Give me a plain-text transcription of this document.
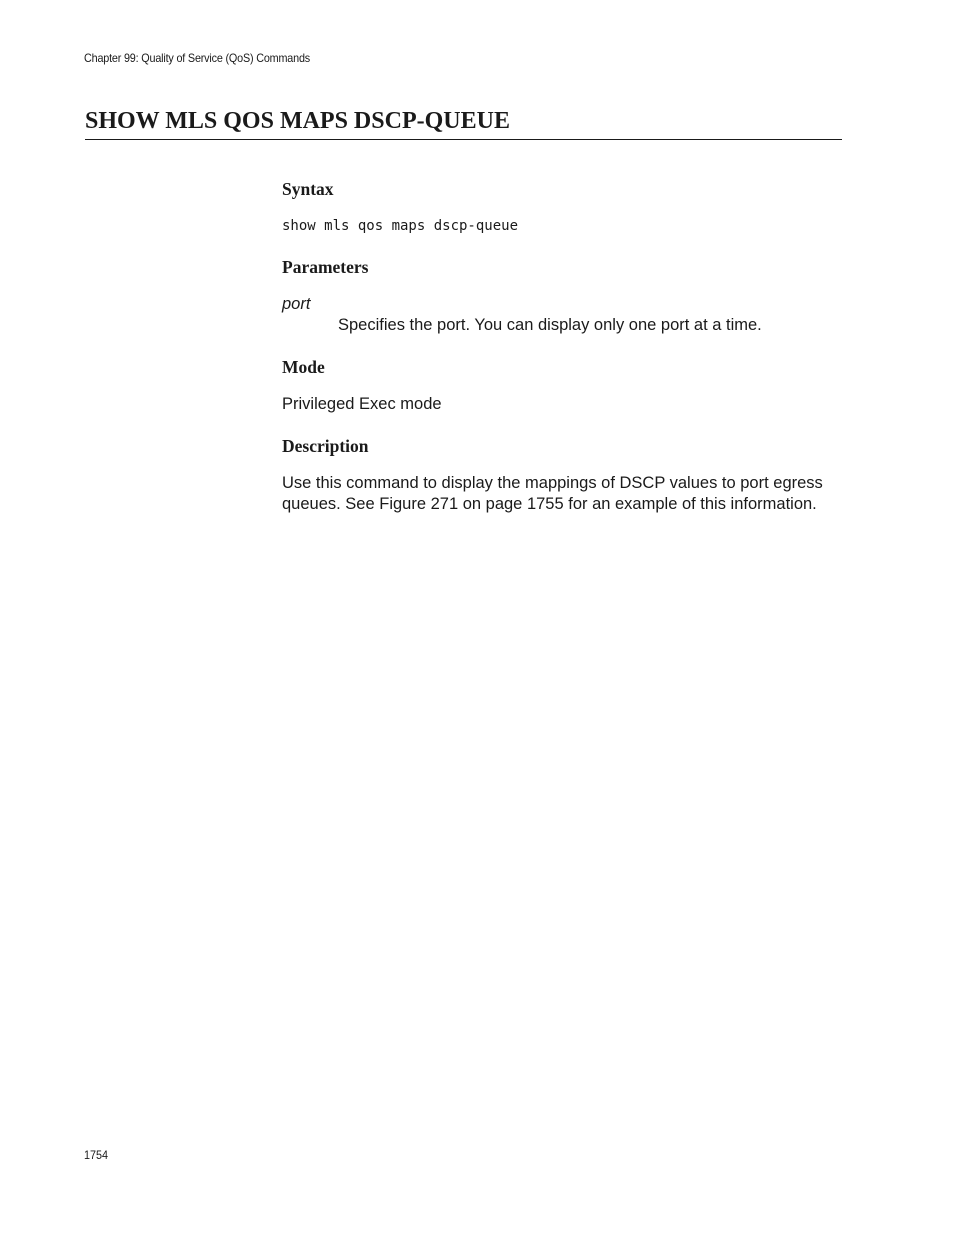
Chapter 99: Quality of Service (QoS) Commands
SHOW MLS QOS MAPS DSCP-QUEUE
Syntax
show mls qos maps dscp-queue
Parameters
port
Specifies the port. You can display only one port at a time.
Mode
Privileged Exec mode
Description
Use this command to display the mappings of DSCP values to port egress queues. See Figure 271 on page 1755 for an example of this information.
1754
